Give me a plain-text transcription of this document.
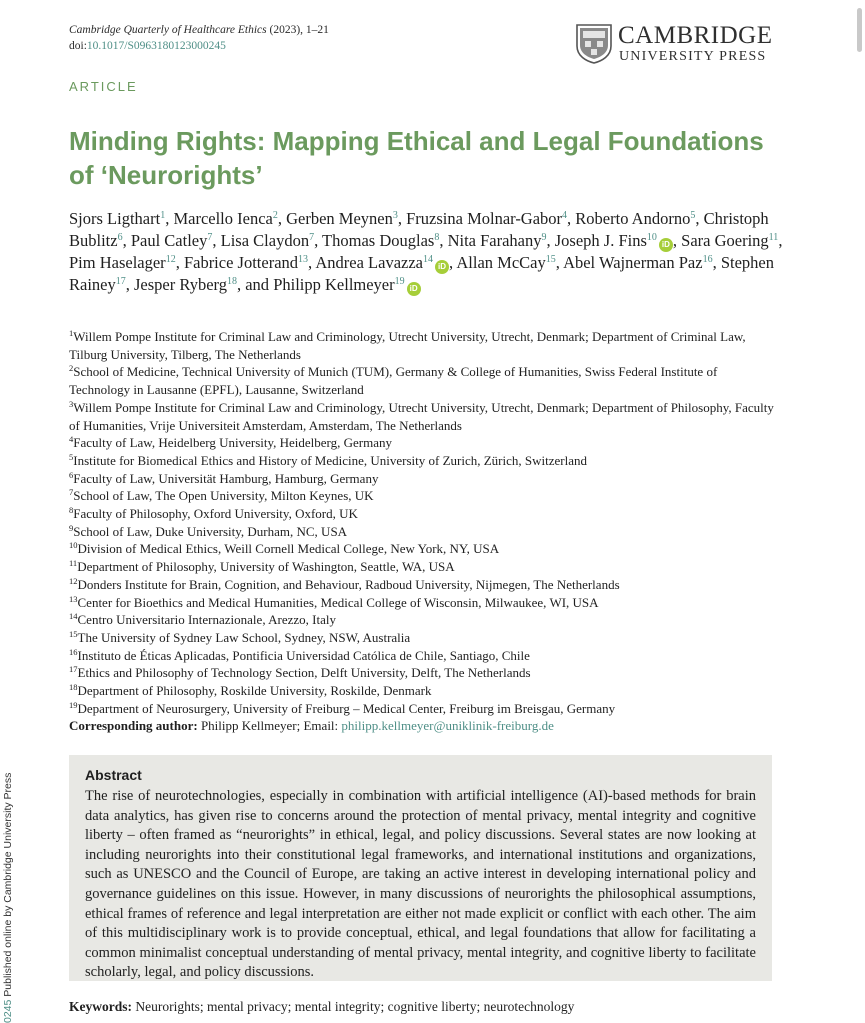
Cambridge Quarterly of Healthcare Ethics (2023), 1–21
doi:10.1017/S0963180123000245	CAMBRIDGE
UNIVERSITY PRESS
ARTICLE
Minding Rights: Mapping Ethical and Legal Foundations of ‘Neurorights’
Sjors Ligthart$^1$, Marcello Ienca$^2$, Gerben Meynen$^3$, Fruzsina Molnar-Gabor$^4$, Roberto Andorno$^5$, Christoph Bublitz$^6$, Paul Catley$^7$, Lisa Claydon$^7$, Thomas Douglas$^8$, Nita Farahany$^9$, Joseph J. Fins$^{10}$iD , Sara Goering$^{11}$, Pim Haselager$^{12}$, Fabrice Jotterand$^{13}$, Andrea Lavazza$^{14}$iD , Allan McCay$^{15}$, Abel Wajnerman Paz$^{16}$, Stephen Rainey$^{17}$, Jesper Ryberg$^{18}$, and Philipp Kellmeyer$^{19}$iD

$^1$Willem Pompe Institute for Criminal Law and Criminology, Utrecht University, Utrecht, Denmark; Department of Criminal Law, Tilburg University, Tilberg, The Netherlands

$^2$School of Medicine, Technical University of Munich (TUM), Germany & College of Humanities, Swiss Federal Institute of Technology in Lausanne (EPFL), Lausanne, Switzerland

$^3$Willem Pompe Institute for Criminal Law and Criminology, Utrecht University, Utrecht, Denmark; Department of Philosophy, Faculty of Humanities, Vrije Universiteit Amsterdam, Amsterdam, The Netherlands

$^4$Faculty of Law, Heidelberg University, Heidelberg, Germany

$^5$Institute for Biomedical Ethics and History of Medicine, University of Zurich, Zürich, Switzerland

$^6$Faculty of Law, Universität Hamburg, Hamburg, Germany

$^7$School of Law, The Open University, Milton Keynes, UK

$^8$Faculty of Philosophy, Oxford University, Oxford, UK

$^9$School of Law, Duke University, Durham, NC, USA

$^{10}$Division of Medical Ethics, Weill Cornell Medical College, New York, NY, USA

$^{11}$Department of Philosophy, University of Washington, Seattle, WA, USA

$^{12}$Donders Institute for Brain, Cognition, and Behaviour, Radboud University, Nijmegen, The Netherlands

$^{13}$Center for Bioethics and Medical Humanities, Medical College of Wisconsin, Milwaukee, WI, USA

$^{14}$Centro Universitario Internazionale, Arezzo, Italy

$^{15}$The University of Sydney Law School, Sydney, NSW, Australia

$^{16}$Instituto de Éticas Aplicadas, Pontificia Universidad Católica de Chile, Santiago, Chile

$^{17}$Ethics and Philosophy of Technology Section, Delft University, Delft, The Netherlands

$^{18}$Department of Philosophy, Roskilde University, Roskilde, Denmark

$^{19}$Department of Neurosurgery, University of Freiburg – Medical Center, Freiburg im Breisgau, Germany

Corresponding author: Philipp Kellmeyer; Email: philipp.kellmeyer@uniklinik-freiburg.de

Abstract

The rise of neurotechnologies, especially in combination with artificial intelligence (AI)-based methods for brain data analytics, has given rise to concerns around the protection of mental privacy, mental integrity and cognitive liberty – often framed as “neurorights” in ethical, legal, and policy discussions. Several states are now looking at including neurorights into their constitutional legal frameworks, and international institutions and organizations, such as UNESCO and the Council of Europe, are taking an active interest in developing international policy and governance guidelines on this issue. However, in many discussions of neurorights the philosophical assumptions, ethical frames of reference and legal interpretation are either not made explicit or conflict with each other. The aim of this multidisciplinary work is to provide conceptual, ethical, and legal foundations that allow for facilitating a common minimalist conceptual understanding of mental privacy, mental integrity, and cognitive liberty to facilitate scholarly, legal, and policy discussions.

Keywords: Neurorights; mental privacy; mental integrity; cognitive liberty; neurotechnology
0245 Published online by Cambridge University Press
